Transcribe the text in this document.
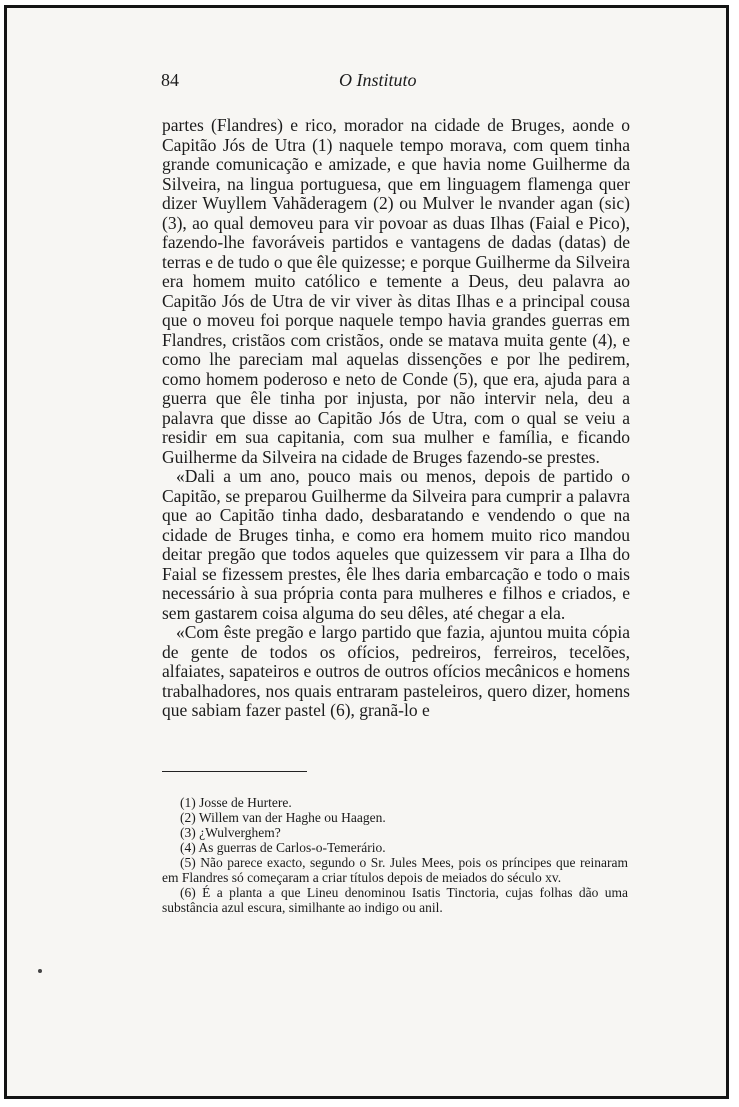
84	O Instituto

partes (Flandres) e rico, morador na cidade de Bruges, aonde o Capitão Jós de Utra (1) naquele tempo morava, com quem tinha grande comunicação e amizade, e que havia nome Guilherme da Silveira, na lingua portuguesa, que em linguagem flamenga quer dizer Wuyllem Vahãderagem (2) ou Mulver le nvander agan (sic) (3), ao qual demoveu para vir povoar as duas Ilhas (Faial e Pico), fazendo-lhe favoráveis partidos e vantagens de dadas (datas) de terras e de tudo o que êle quizesse; e porque Guilherme da Silveira era homem muito católico e temente a Deus, deu palavra ao Capitão Jós de Utra de vir viver às ditas Ilhas e a principal cousa que o moveu foi porque naquele tempo havia grandes guerras em Flandres, cristãos com cristãos, onde se matava muita gente (4), e como lhe pareciam mal aquelas dissenções e por lhe pedirem, como homem poderoso e neto de Conde (5), que era, ajuda para a guerra que êle tinha por injusta, por não intervir nela, deu a palavra que disse ao Capitão Jós de Utra, com o qual se veiu a residir em sua capitania, com sua mulher e família, e ficando Guilherme da Silveira na cidade de Bruges fazendo-se prestes.

«Dali a um ano, pouco mais ou menos, depois de partido o Capitão, se preparou Guilherme da Silveira para cumprir a palavra que ao Capitão tinha dado, desbaratando e vendendo o que na cidade de Bruges tinha, e como era homem muito rico mandou deitar pregão que todos aqueles que quizessem vir para a Ilha do Faial se fizessem prestes, êle lhes daria embarcação e todo o mais necessário à sua própria conta para mulheres e filhos e criados, e sem gastarem coisa alguma do seu dêles, até chegar a ela.

«Com êste pregão e largo partido que fazia, ajuntou muita cópia de gente de todos os ofícios, pedreiros, ferreiros, tecelões, alfaiates, sapateiros e outros de outros ofícios mecânicos e homens trabalhadores, nos quais entraram pasteleiros, quero dizer, homens que sabiam fazer pastel (6), granã-lo e

(1) Josse de Hurtere.

(2) Willem van der Haghe ou Haagen.

(3) ¿Wulverghem?

(4) As guerras de Carlos-o-Temerário.

(5) Não parece exacto, segundo o Sr. Jules Mees, pois os príncipes que reinaram em Flandres só começaram a criar títulos depois de meiados do século xv.

(6) É a planta a que Lineu denominou Isatis Tinctoria, cujas folhas dão uma substância azul escura, similhante ao indigo ou anil.
